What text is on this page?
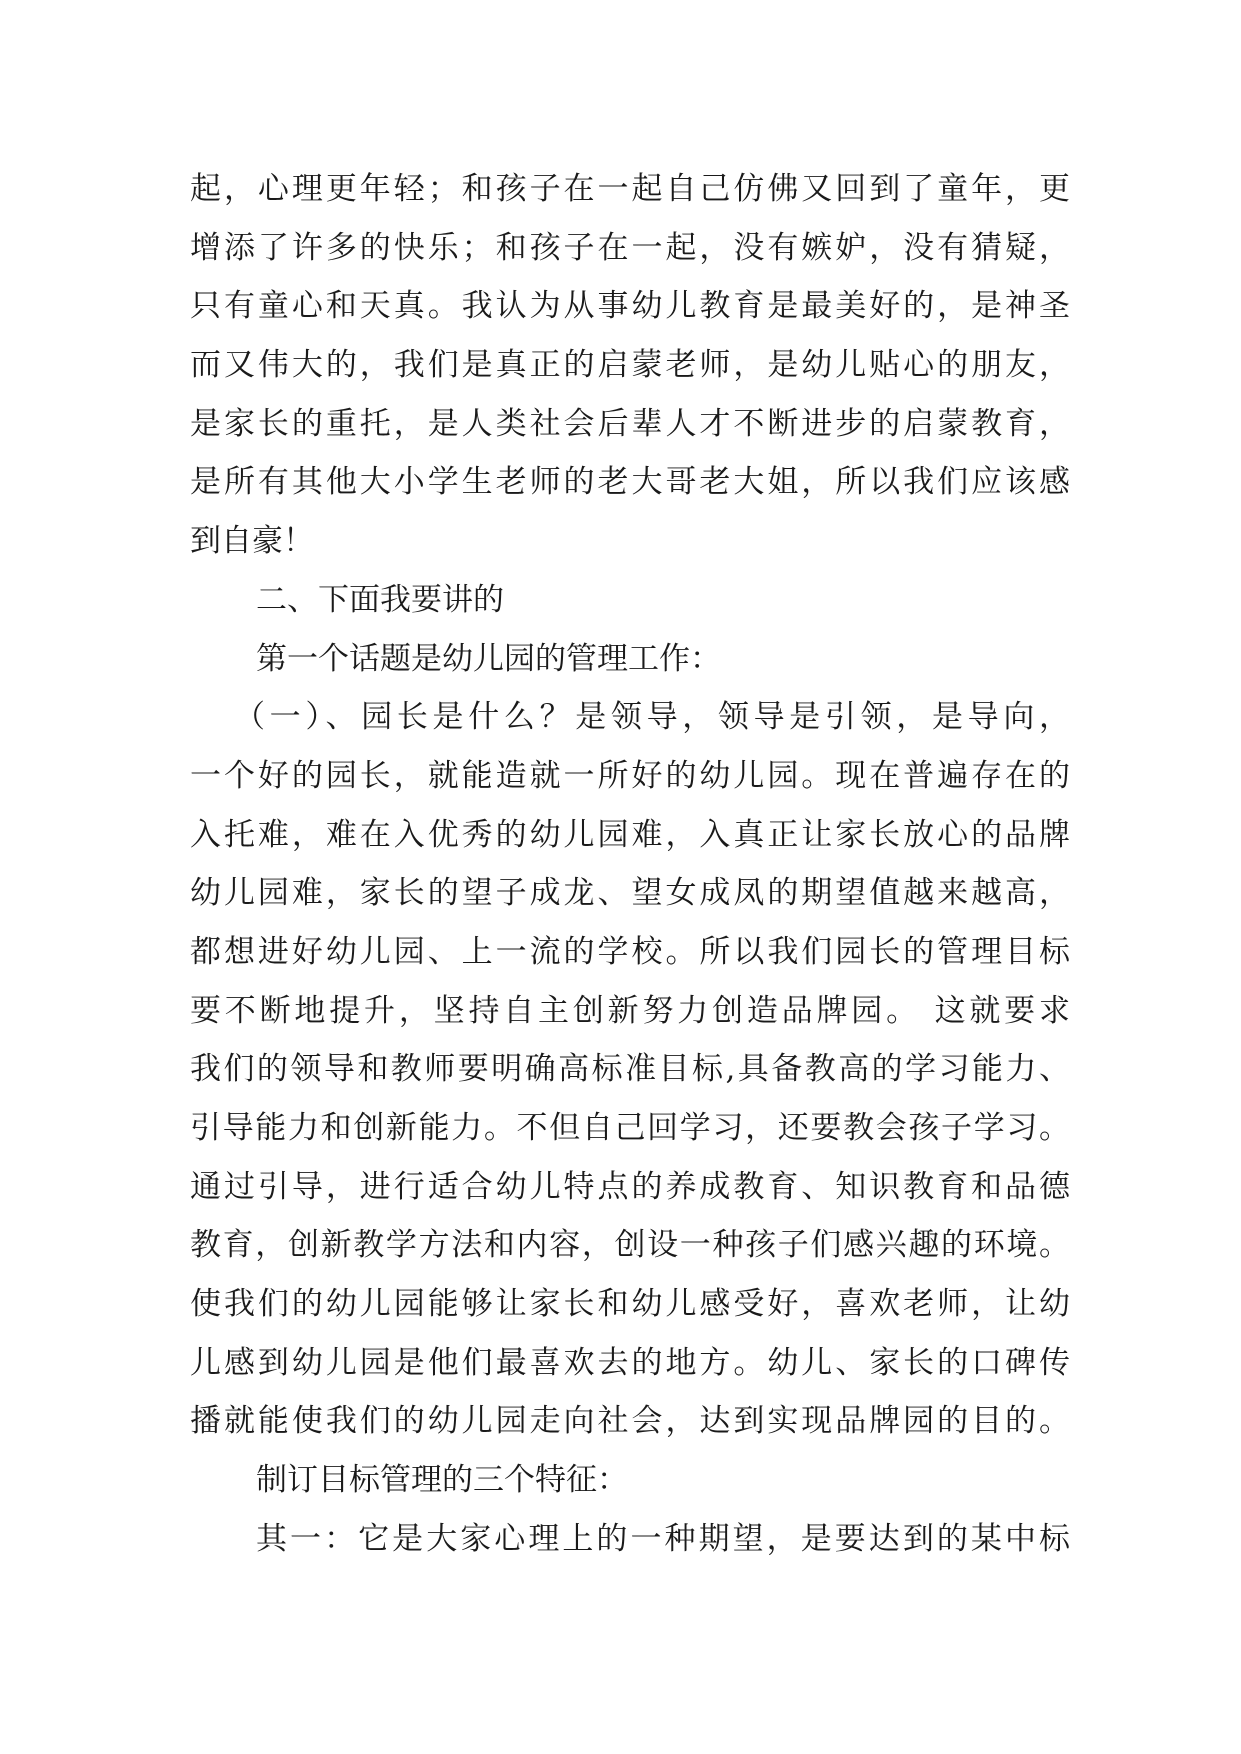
起，心理更年轻；和孩子在一起自己仿佛又回到了童年，更
增添了许多的快乐；和孩子在一起，没有嫉妒，没有猜疑，
只有童心和天真。我认为从事幼儿教育是最美好的，是神圣
而又伟大的，我们是真正的启蒙老师，是幼儿贴心的朋友，
是家长的重托，是人类社会后辈人才不断进步的启蒙教育，
是所有其他大小学生老师的老大哥老大姐，所以我们应该感
到自豪！
二、下面我要讲的
第一个话题是幼儿园的管理工作：
（一）、园长是什么？是领导，领导是引领，是导向，
一个好的园长，就能造就一所好的幼儿园。现在普遍存在的
入托难，难在入优秀的幼儿园难，入真正让家长放心的品牌
幼儿园难，家长的望子成龙、望女成凤的期望值越来越高，
都想进好幼儿园、上一流的学校。所以我们园长的管理目标
要不断地提升，坚持自主创新努力创造品牌园。 这就要求
我们的领导和教师要明确高标准目标,具备教高的学习能力、
引导能力和创新能力。不但自己回学习，还要教会孩子学习。
通过引导，进行适合幼儿特点的养成教育、知识教育和品德
教育，创新教学方法和内容，创设一种孩子们感兴趣的环境。
使我们的幼儿园能够让家长和幼儿感受好，喜欢老师，让幼
儿感到幼儿园是他们最喜欢去的地方。幼儿、家长的口碑传
播就能使我们的幼儿园走向社会，达到实现品牌园的目的。
制订目标管理的三个特征：
其一：它是大家心理上的一种期望，是要达到的某中标
